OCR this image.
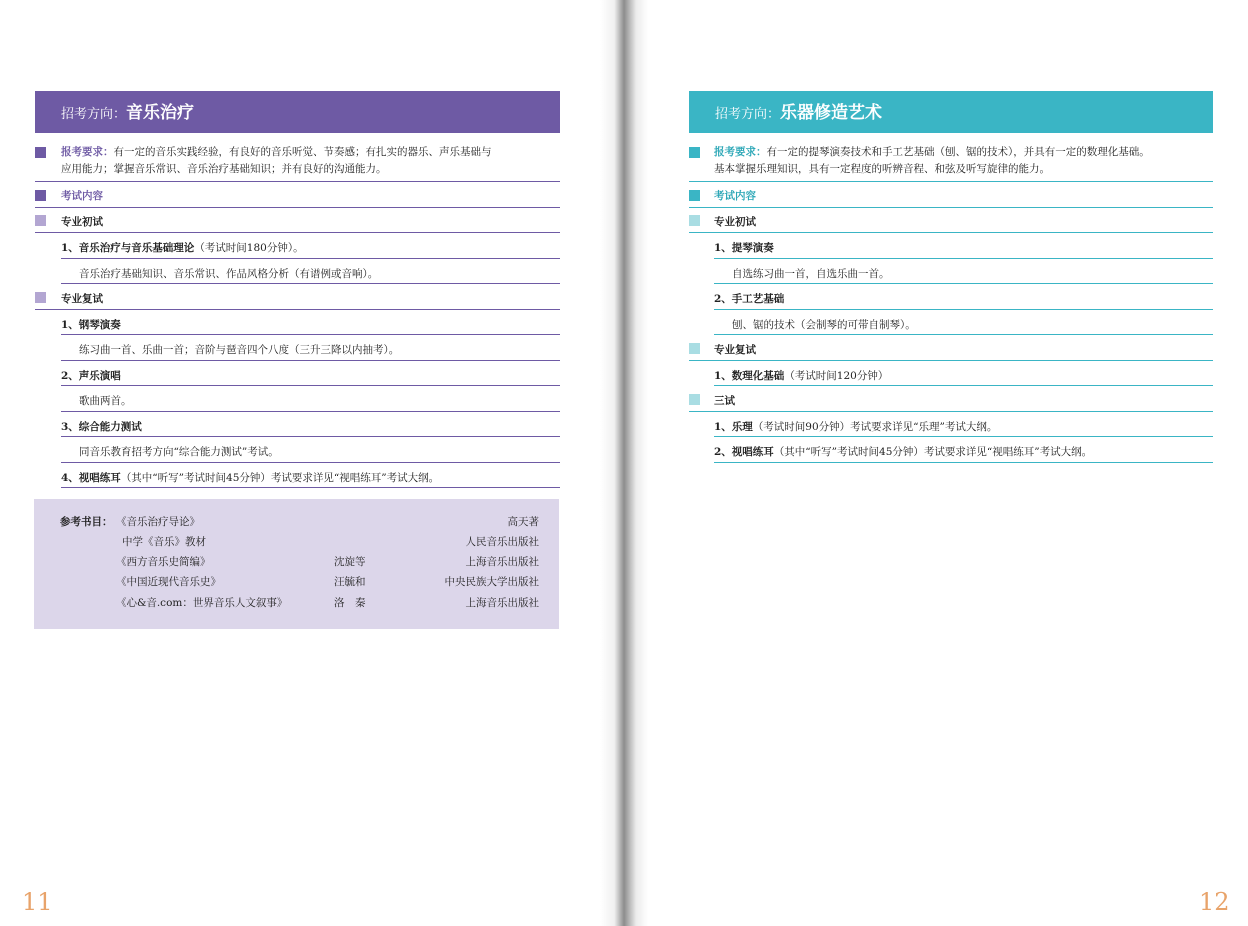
招考方向：音乐治疗
报考要求：有一定的音乐实践经验，有良好的音乐听觉、节奏感；有扎实的器乐、声乐基础与
应用能力；掌握音乐常识、音乐治疗基础知识；并有良好的沟通能力。
考试内容
专业初试
1、音乐治疗与音乐基础理论（考试时间180分钟）。
音乐治疗基础知识、音乐常识、作品风格分析（有谱例或音响）。
专业复试
1、钢琴演奏
练习曲一首、乐曲一首；音阶与琶音四个八度（三升三降以内抽考）。
2、声乐演唱
歌曲两首。
3、综合能力测试
同音乐教育招考方向“综合能力测试”考试。
4、视唱练耳（其中“听写”考试时间45分钟）考试要求详见“视唱练耳”考试大纲。
参考书目： 《音乐治疗导论》	高天著
中学《音乐》教材	人民音乐出版社
《西方音乐史简编》	沈旋等	上海音乐出版社
《中国近现代音乐史》	汪毓和	中央民族大学出版社
《心&音.com：世界音乐人文叙事》	洛　秦	上海音乐出版社
11
招考方向：乐器修造艺术
报考要求：有一定的提琴演奏技术和手工艺基础（刨、锯的技术），并具有一定的数理化基础。
基本掌握乐理知识，具有一定程度的听辨音程、和弦及听写旋律的能力。
考试内容
专业初试
1、提琴演奏
自选练习曲一首，自选乐曲一首。
2、手工艺基础
刨、锯的技术（会制琴的可带自制琴）。
专业复试
1、数理化基础（考试时间120分钟）
三试
1、乐理（考试时间90分钟）考试要求详见“乐理”考试大纲。
2、视唱练耳（其中“听写”考试时间45分钟）考试要求详见“视唱练耳”考试大纲。
12
